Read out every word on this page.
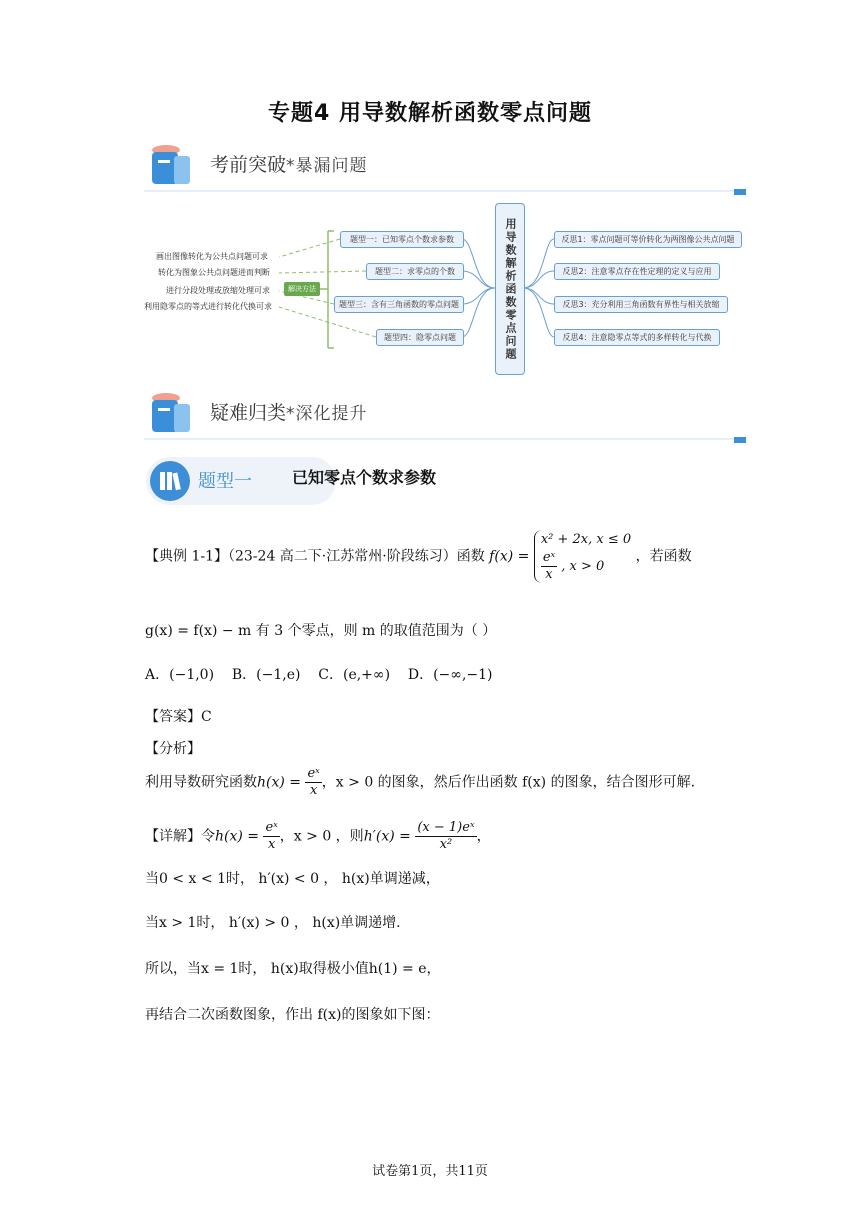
专题4 用导数解析函数零点问题
考前突破*暴漏问题
用导数解析函数零点问题
解决方法
题型一：已知零点个数求参数
题型二：求零点的个数
题型三：含有三角函数的零点问题
题型四：隐零点问题
画出图像转化为公共点问题可求
转化为图象公共点问题进而判断
进行分段处理或放缩处理可求
利用隐零点的等式进行转化代换可求
反思1：零点问题可等价转化为两图像公共点问题
反思2：注意零点存在性定理的定义与应用
反思3：充分利用三角函数有界性与相关放缩
反思4：注意隐零点等式的多样转化与代换
疑难归类*深化提升
题型一	已知零点个数求参数
【典例 1-1】（23-24 高二下·江苏常州·阶段练习）函数 f(x) =
x² + 2x, x ≤ 0
$\frac{\text{eˣ}}{x}$ , x > 0
，若函数
g(x) = f(x) − m 有 3 个零点，则 m 的取值范围为（ ）
A．(−1,0) B．(−1,e) C．(e,+∞) D．(−∞,−1)
【答案】C
【分析】
利用导数研究函数$h(x) = \frac{\text{eˣ}}{x}$ ，x > 0 的图象，然后作出函数 f(x) 的图象，结合图形可解.
【详解】令$h(x) = \frac{\text{eˣ}}{x}$ ，x > 0 ，则$h'(x) = \frac{\text{(x − 1)eˣ}}{\text{x²}}$ ，
当0 < x < 1时， h′(x) < 0 ， h(x)单调递减，
当x > 1时， h′(x) > 0 ， h(x)单调递增.
所以，当x = 1时， h(x)取得极小值h(1) = e，
再结合二次函数图象，作出 f(x)的图象如下图：
试卷第1页，共11页
